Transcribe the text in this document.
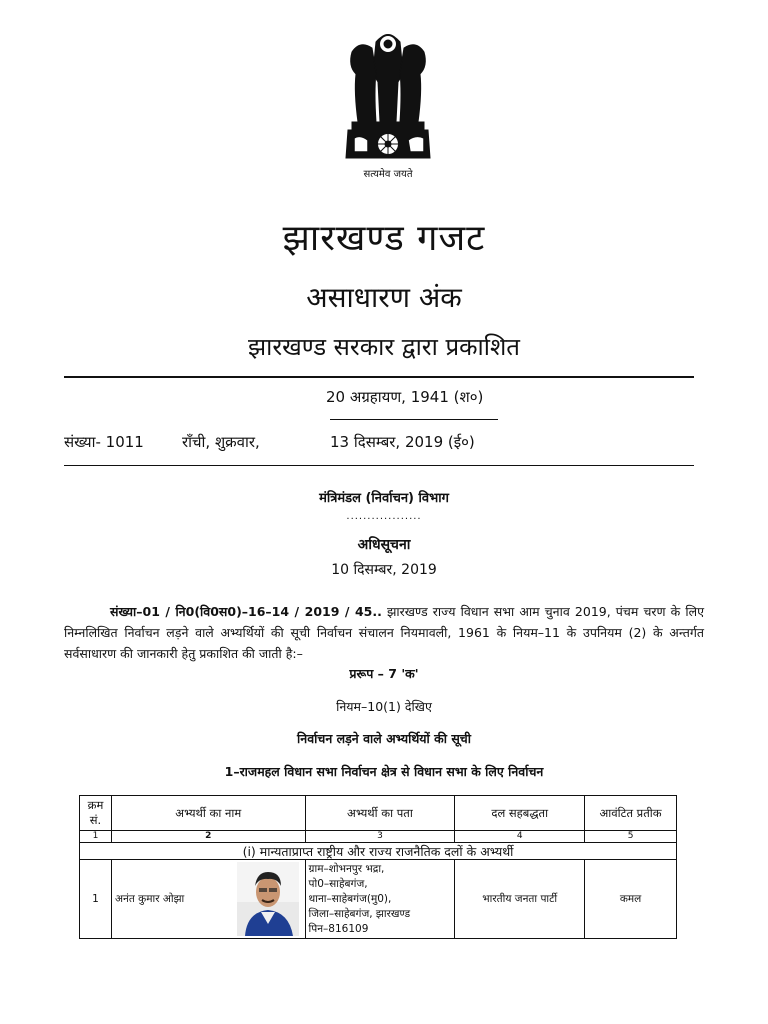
सत्यमेव जयते
झारखण्ड गजट
असाधारण अंक
झारखण्ड सरकार द्वारा प्रकाशित
20 अग्रहायण, 1941 (श०)
संख्या- 1011	राँची, शुक्रवार,	13 दिसम्बर, 2019 (ई०)
मंत्रिमंडल (निर्वाचन) विभाग
..................
अधिसूचना
10 दिसम्बर, 2019
संख्या–01 / नि0(वि0स0)–16–14 / 2019 / 45.. झारखण्ड राज्य विधान सभा आम चुनाव 2019, पंचम चरण के लिए निम्नलिखित निर्वाचन लड़ने वाले अभ्यर्थियों की सूची निर्वाचन संचालन नियमावली, 1961 के नियम–11 के उपनियम (2) के अन्तर्गत सर्वसाधारण की जानकारी हेतु प्रकाशित की जाती है:–
प्ररूप – 7 'क'
नियम–10(1) देखिए
निर्वाचन लड़ने वाले अभ्यर्थियों की सूची
1–राजमहल विधान सभा निर्वाचन क्षेत्र से विधान सभा के लिए निर्वाचन
क्रम सं.	अभ्यर्थी का नाम	अभ्यर्थी का पता	दल सहबद्धता	आवंटित प्रतीक
1	2	3	4	5
(i) मान्यताप्राप्त राष्ट्रीय और राज्य राजनैतिक दलों के अभ्यर्थी				
1	अनंत कुमार ओझा	ग्राम–शोभनपुर भद्रा,
पो0–साहेबगंज,
थाना–साहेबगंज(मु0),
जिला–साहेबगंज, झारखण्ड
पिन–816109	भारतीय जनता पार्टी	कमल
